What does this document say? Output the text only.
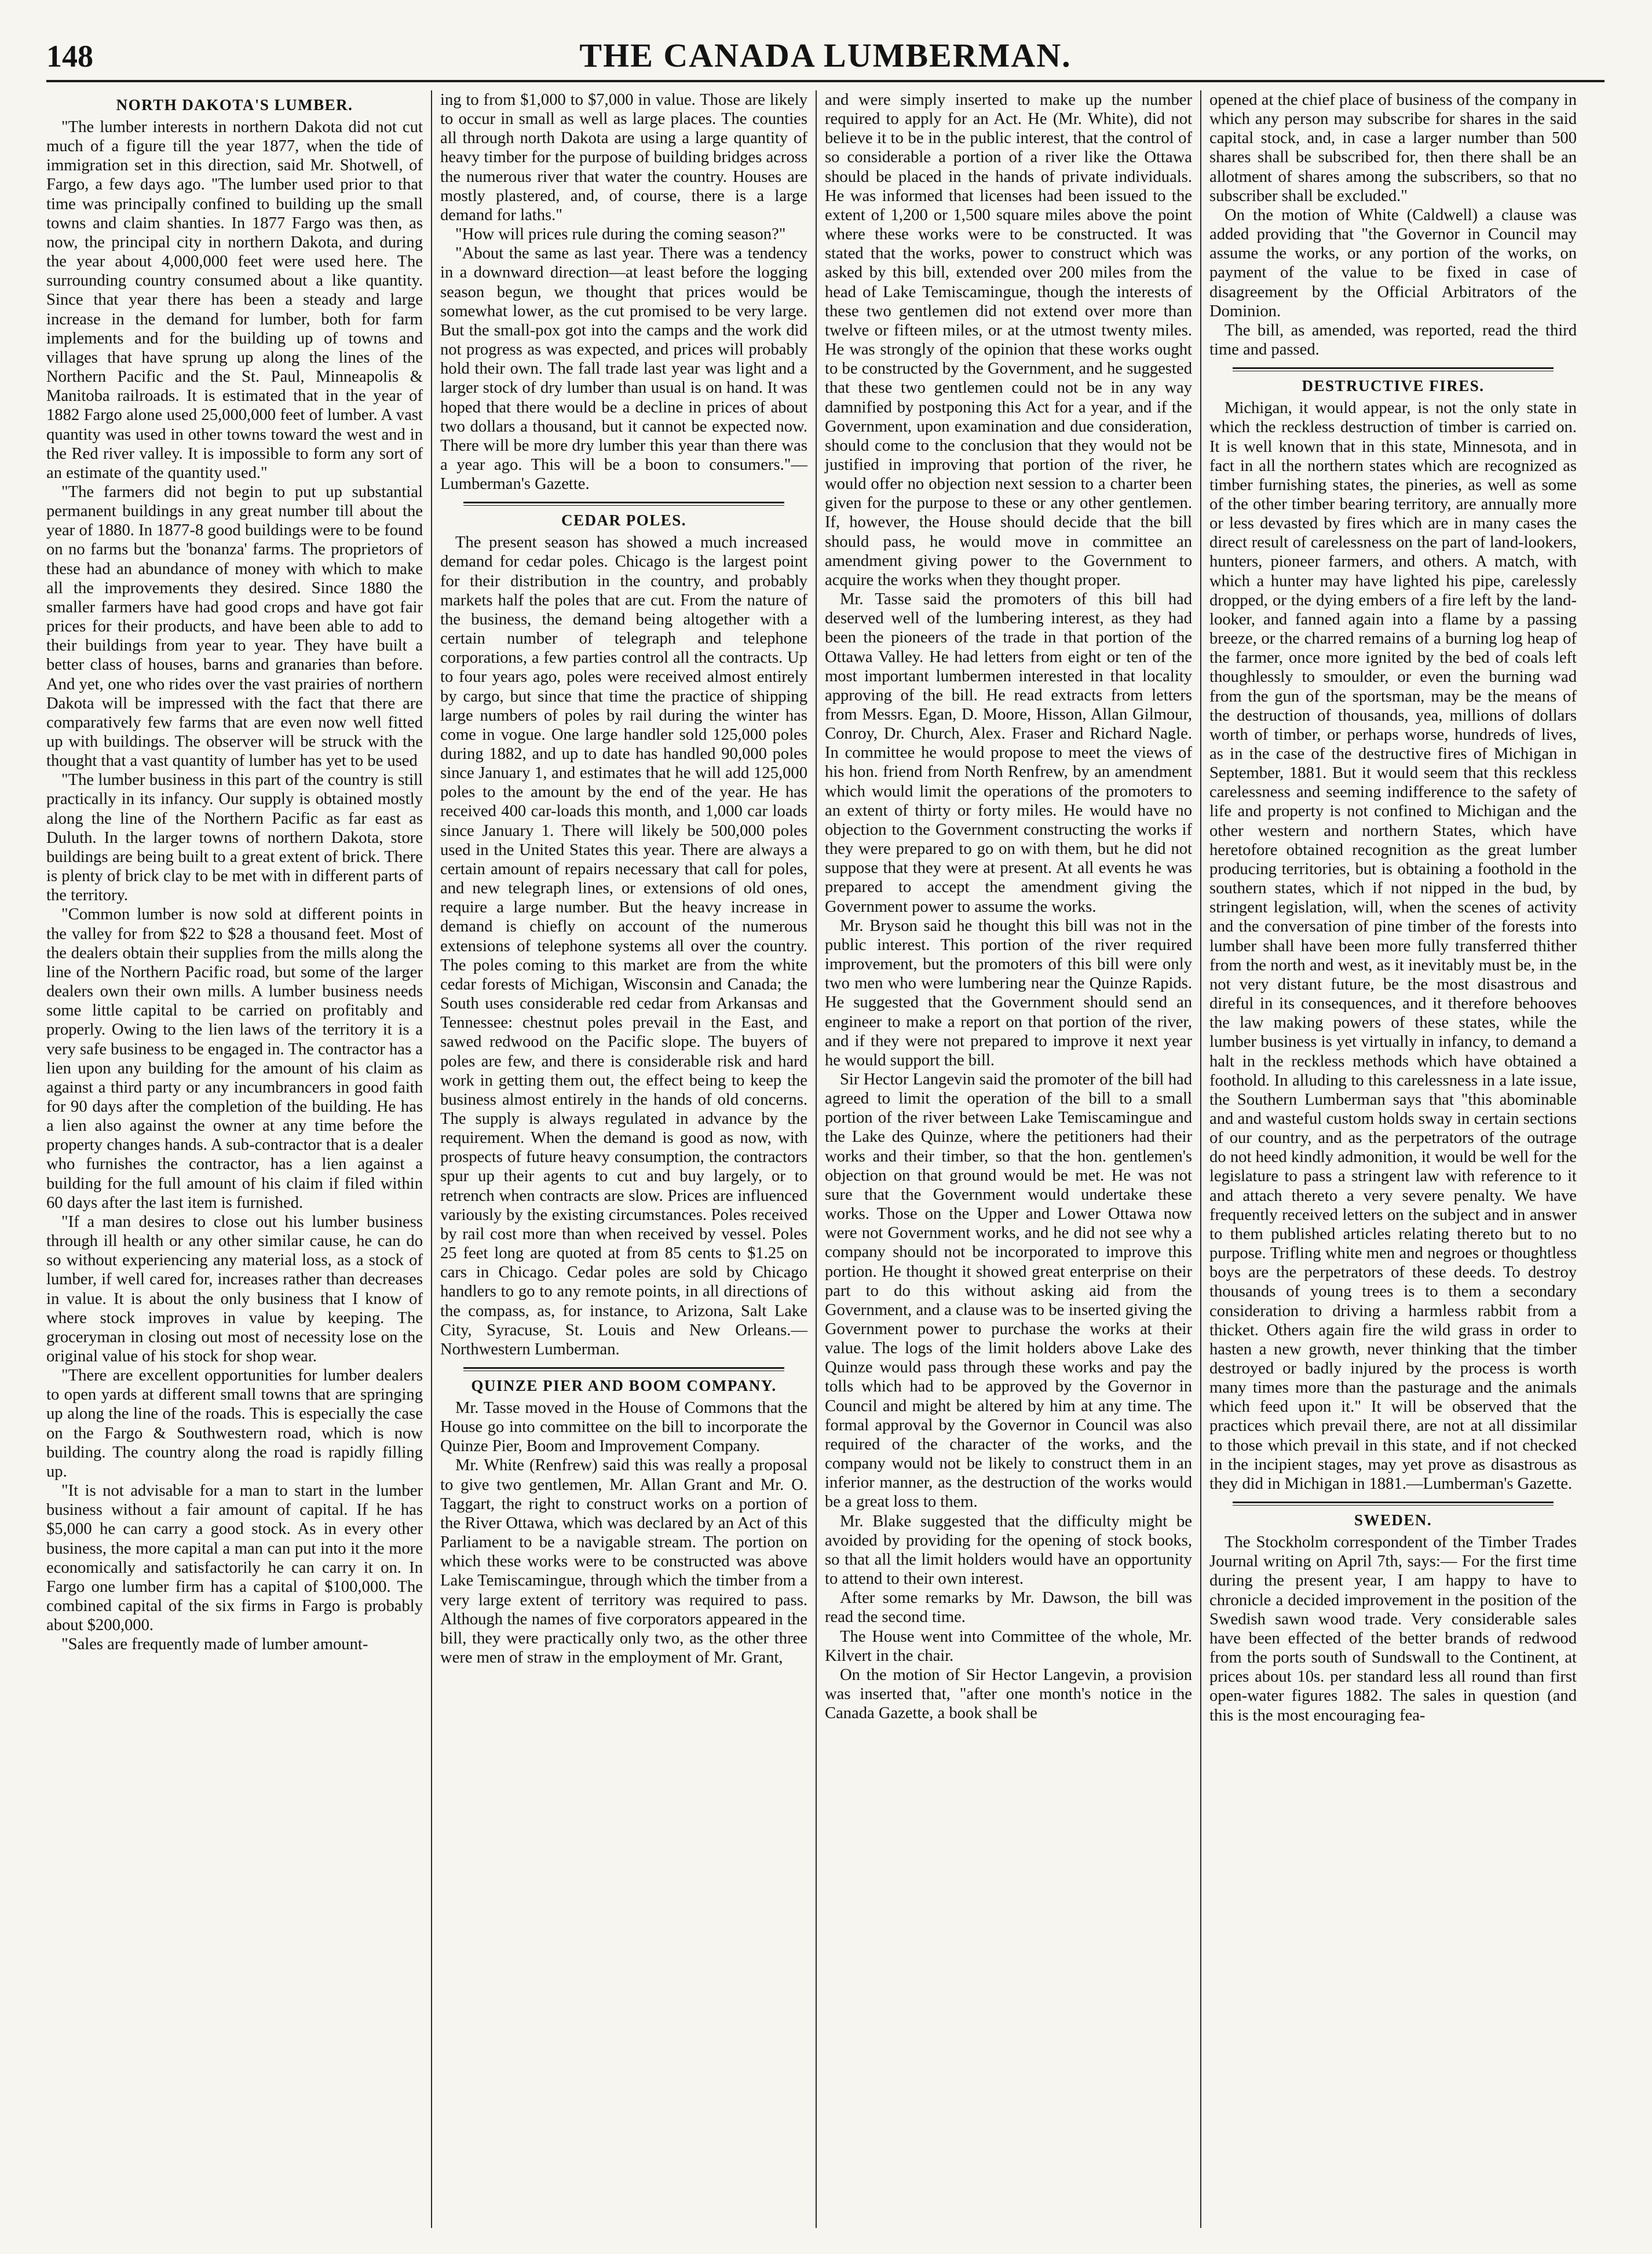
148	THE CANADA LUMBERMAN.
NORTH DAKOTA'S LUMBER.

"The lumber interests in northern Dakota did not cut much of a figure till the year 1877, when the tide of immigration set in this direction, said Mr. Shotwell, of Fargo, a few days ago. "The lumber used prior to that time was principally confined to building up the small towns and claim shanties. In 1877 Fargo was then, as now, the principal city in northern Dakota, and during the year about 4,000,000 feet were used here. The surrounding country consumed about a like quantity. Since that year there has been a steady and large increase in the demand for lumber, both for farm implements and for the building up of towns and villages that have sprung up along the lines of the Northern Pacific and the St. Paul, Minneapolis & Manitoba railroads. It is estimated that in the year of 1882 Fargo alone used 25,000,000 feet of lumber. A vast quantity was used in other towns toward the west and in the Red river valley. It is impossible to form any sort of an estimate of the quantity used."

"The farmers did not begin to put up substantial permanent buildings in any great number till about the year of 1880. In 1877-8 good buildings were to be found on no farms but the 'bonanza' farms. The proprietors of these had an abundance of money with which to make all the improvements they desired. Since 1880 the smaller farmers have had good crops and have got fair prices for their products, and have been able to add to their buildings from year to year. They have built a better class of houses, barns and granaries than before. And yet, one who rides over the vast prairies of northern Dakota will be impressed with the fact that there are comparatively few farms that are even now well fitted up with buildings. The observer will be struck with the thought that a vast quantity of lumber has yet to be used

"The lumber business in this part of the country is still practically in its infancy. Our supply is obtained mostly along the line of the Northern Pacific as far east as Duluth. In the larger towns of northern Dakota, store buildings are being built to a great extent of brick. There is plenty of brick clay to be met with in different parts of the territory.

"Common lumber is now sold at different points in the valley for from $22 to $28 a thousand feet. Most of the dealers obtain their supplies from the mills along the line of the Northern Pacific road, but some of the larger dealers own their own mills. A lumber business needs some little capital to be carried on profitably and properly. Owing to the lien laws of the territory it is a very safe business to be engaged in. The contractor has a lien upon any building for the amount of his claim as against a third party or any incumbrancers in good faith for 90 days after the completion of the building. He has a lien also against the owner at any time before the property changes hands. A sub-contractor that is a dealer who furnishes the contractor, has a lien against a building for the full amount of his claim if filed within 60 days after the last item is furnished.

"If a man desires to close out his lumber business through ill health or any other similar cause, he can do so without experiencing any material loss, as a stock of lumber, if well cared for, increases rather than decreases in value. It is about the only business that I know of where stock improves in value by keeping. The groceryman in closing out most of necessity lose on the original value of his stock for shop wear.

"There are excellent opportunities for lumber dealers to open yards at different small towns that are springing up along the line of the roads. This is especially the case on the Fargo & Southwestern road, which is now building. The country along the road is rapidly filling up.

"It is not advisable for a man to start in the lumber business without a fair amount of capital. If he has $5,000 he can carry a good stock. As in every other business, the more capital a man can put into it the more economically and satisfactorily he can carry it on. In Fargo one lumber firm has a capital of $100,000. The combined capital of the six firms in Fargo is probably about $200,000.

"Sales are frequently made of lumber amount-

ing to from $1,000 to $7,000 in value. Those are likely to occur in small as well as large places. The counties all through north Dakota are using a large quantity of heavy timber for the purpose of building bridges across the numerous river that water the country. Houses are mostly plastered, and, of course, there is a large demand for laths."

"How will prices rule during the coming season?"

"About the same as last year. There was a tendency in a downward direction—at least before the logging season begun, we thought that prices would be somewhat lower, as the cut promised to be very large. But the small-pox got into the camps and the work did not progress as was expected, and prices will probably hold their own. The fall trade last year was light and a larger stock of dry lumber than usual is on hand. It was hoped that there would be a decline in prices of about two dollars a thousand, but it cannot be expected now. There will be more dry lumber this year than there was a year ago. This will be a boon to consumers."—Lumberman's Gazette.

CEDAR POLES.

The present season has showed a much increased demand for cedar poles. Chicago is the largest point for their distribution in the country, and probably markets half the poles that are cut. From the nature of the business, the demand being altogether with a certain number of telegraph and telephone corporations, a few parties control all the contracts. Up to four years ago, poles were received almost entirely by cargo, but since that time the practice of shipping large numbers of poles by rail during the winter has come in vogue. One large handler sold 125,000 poles during 1882, and up to date has handled 90,000 poles since January 1, and estimates that he will add 125,000 poles to the amount by the end of the year. He has received 400 car-loads this month, and 1,000 car loads since January 1. There will likely be 500,000 poles used in the United States this year. There are always a certain amount of repairs necessary that call for poles, and new telegraph lines, or extensions of old ones, require a large number. But the heavy increase in demand is chiefly on account of the numerous extensions of telephone systems all over the country. The poles coming to this market are from the white cedar forests of Michigan, Wisconsin and Canada; the South uses considerable red cedar from Arkansas and Tennessee: chestnut poles prevail in the East, and sawed redwood on the Pacific slope. The buyers of poles are few, and there is considerable risk and hard work in getting them out, the effect being to keep the business almost entirely in the hands of old concerns. The supply is always regulated in advance by the requirement. When the demand is good as now, with prospects of future heavy consumption, the contractors spur up their agents to cut and buy largely, or to retrench when contracts are slow. Prices are influenced variously by the existing circumstances. Poles received by rail cost more than when received by vessel. Poles 25 feet long are quoted at from 85 cents to $1.25 on cars in Chicago. Cedar poles are sold by Chicago handlers to go to any remote points, in all directions of the compass, as, for instance, to Arizona, Salt Lake City, Syracuse, St. Louis and New Orleans.—Northwestern Lumberman.

QUINZE PIER AND BOOM COMPANY.

Mr. Tasse moved in the House of Commons that the House go into committee on the bill to incorporate the Quinze Pier, Boom and Improvement Company.

Mr. White (Renfrew) said this was really a proposal to give two gentlemen, Mr. Allan Grant and Mr. O. Taggart, the right to construct works on a portion of the River Ottawa, which was declared by an Act of this Parliament to be a navigable stream. The portion on which these works were to be constructed was above Lake Temiscamingue, through which the timber from a very large extent of territory was required to pass. Although the names of five corporators appeared in the bill, they were practically only two, as the other three were men of straw in the employment of Mr. Grant,

and were simply inserted to make up the number required to apply for an Act. He (Mr. White), did not believe it to be in the public interest, that the control of so considerable a portion of a river like the Ottawa should be placed in the hands of private individuals. He was informed that licenses had been issued to the extent of 1,200 or 1,500 square miles above the point where these works were to be constructed. It was stated that the works, power to construct which was asked by this bill, extended over 200 miles from the head of Lake Temiscamingue, though the interests of these two gentlemen did not extend over more than twelve or fifteen miles, or at the utmost twenty miles. He was strongly of the opinion that these works ought to be constructed by the Government, and he suggested that these two gentlemen could not be in any way damnified by postponing this Act for a year, and if the Government, upon examination and due consideration, should come to the conclusion that they would not be justified in improving that portion of the river, he would offer no objection next session to a charter been given for the purpose to these or any other gentlemen. If, however, the House should decide that the bill should pass, he would move in committee an amendment giving power to the Government to acquire the works when they thought proper.

Mr. Tasse said the promoters of this bill had deserved well of the lumbering interest, as they had been the pioneers of the trade in that portion of the Ottawa Valley. He had letters from eight or ten of the most important lumbermen interested in that locality approving of the bill. He read extracts from letters from Messrs. Egan, D. Moore, Hisson, Allan Gilmour, Conroy, Dr. Church, Alex. Fraser and Richard Nagle. In committee he would propose to meet the views of his hon. friend from North Renfrew, by an amendment which would limit the operations of the promoters to an extent of thirty or forty miles. He would have no objection to the Government constructing the works if they were prepared to go on with them, but he did not suppose that they were at present. At all events he was prepared to accept the amendment giving the Government power to assume the works.

Mr. Bryson said he thought this bill was not in the public interest. This portion of the river required improvement, but the promoters of this bill were only two men who were lumbering near the Quinze Rapids. He suggested that the Government should send an engineer to make a report on that portion of the river, and if they were not prepared to improve it next year he would support the bill.

Sir Hector Langevin said the promoter of the bill had agreed to limit the operation of the bill to a small portion of the river between Lake Temiscamingue and the Lake des Quinze, where the petitioners had their works and their timber, so that the hon. gentlemen's objection on that ground would be met. He was not sure that the Government would undertake these works. Those on the Upper and Lower Ottawa now were not Government works, and he did not see why a company should not be incorporated to improve this portion. He thought it showed great enterprise on their part to do this without asking aid from the Government, and a clause was to be inserted giving the Government power to purchase the works at their value. The logs of the limit holders above Lake des Quinze would pass through these works and pay the tolls which had to be approved by the Governor in Council and might be altered by him at any time. The formal approval by the Governor in Council was also required of the character of the works, and the company would not be likely to construct them in an inferior manner, as the destruction of the works would be a great loss to them.

Mr. Blake suggested that the difficulty might be avoided by providing for the opening of stock books, so that all the limit holders would have an opportunity to attend to their own interest.

After some remarks by Mr. Dawson, the bill was read the second time.

The House went into Committee of the whole, Mr. Kilvert in the chair.

On the motion of Sir Hector Langevin, a provision was inserted that, "after one month's notice in the Canada Gazette, a book shall be

opened at the chief place of business of the company in which any person may subscribe for shares in the said capital stock, and, in case a larger number than 500 shares shall be subscribed for, then there shall be an allotment of shares among the subscribers, so that no subscriber shall be excluded."

On the motion of White (Caldwell) a clause was added providing that "the Governor in Council may assume the works, or any portion of the works, on payment of the value to be fixed in case of disagreement by the Official Arbitrators of the Dominion.

The bill, as amended, was reported, read the third time and passed.

DESTRUCTIVE FIRES.

Michigan, it would appear, is not the only state in which the reckless destruction of timber is carried on. It is well known that in this state, Minnesota, and in fact in all the northern states which are recognized as timber furnishing states, the pineries, as well as some of the other timber bearing territory, are annually more or less devasted by fires which are in many cases the direct result of carelessness on the part of land-lookers, hunters, pioneer farmers, and others. A match, with which a hunter may have lighted his pipe, carelessly dropped, or the dying embers of a fire left by the land-looker, and fanned again into a flame by a passing breeze, or the charred remains of a burning log heap of the farmer, once more ignited by the bed of coals left thoughlessly to smoulder, or even the burning wad from the gun of the sportsman, may be the means of the destruction of thousands, yea, millions of dollars worth of timber, or perhaps worse, hundreds of lives, as in the case of the destructive fires of Michigan in September, 1881. But it would seem that this reckless carelessness and seeming indifference to the safety of life and property is not confined to Michigan and the other western and northern States, which have heretofore obtained recognition as the great lumber producing territories, but is obtaining a foothold in the southern states, which if not nipped in the bud, by stringent legislation, will, when the scenes of activity and the conversation of pine timber of the forests into lumber shall have been more fully transferred thither from the north and west, as it inevitably must be, in the not very distant future, be the most disastrous and direful in its consequences, and it therefore behooves the law making powers of these states, while the lumber business is yet virtually in infancy, to demand a halt in the reckless methods which have obtained a foothold. In alluding to this carelessness in a late issue, the Southern Lumberman says that "this abominable and and wasteful custom holds sway in certain sections of our country, and as the perpetrators of the outrage do not heed kindly admonition, it would be well for the legislature to pass a stringent law with reference to it and attach thereto a very severe penalty. We have frequently received letters on the subject and in answer to them published articles relating thereto but to no purpose. Trifling white men and negroes or thoughtless boys are the perpetrators of these deeds. To destroy thousands of young trees is to them a secondary consideration to driving a harmless rabbit from a thicket. Others again fire the wild grass in order to hasten a new growth, never thinking that the timber destroyed or badly injured by the process is worth many times more than the pasturage and the animals which feed upon it." It will be observed that the practices which prevail there, are not at all dissimilar to those which prevail in this state, and if not checked in the incipient stages, may yet prove as disastrous as they did in Michigan in 1881.—Lumberman's Gazette.

SWEDEN.

The Stockholm correspondent of the Timber Trades Journal writing on April 7th, says:— For the first time during the present year, I am happy to have to chronicle a decided improvement in the position of the Swedish sawn wood trade. Very considerable sales have been effected of the better brands of redwood from the ports south of Sundswall to the Continent, at prices about 10s. per standard less all round than first open-water figures 1882. The sales in question (and this is the most encouraging fea-
